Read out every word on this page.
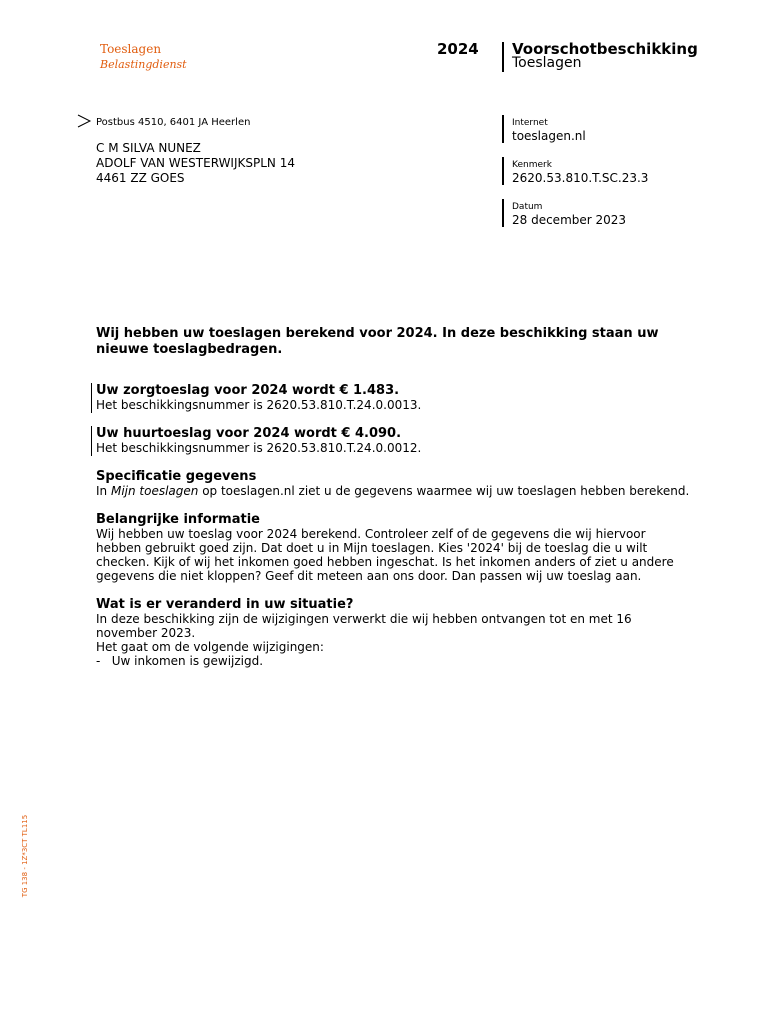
Toeslagen
Belastingdienst
2024 Voorschotbeschikking
Toeslagen
Postbus 4510, 6401 JA Heerlen
C M SILVA NUNEZ
ADOLF VAN WESTERWIJKSPLN 14
4461 ZZ GOES
Internet
toeslagen.nl
Kenmerk
2620.53.810.T.SC.23.3
Datum
28 december 2023
Wij hebben uw toeslagen berekend voor 2024. In deze beschikking staan uw
nieuwe toeslagbedragen.
Uw zorgtoeslag voor 2024 wordt € 1.483.
Het beschikkingsnummer is 2620.53.810.T.24.0.0013.
Uw huurtoeslag voor 2024 wordt € 4.090.
Het beschikkingsnummer is 2620.53.810.T.24.0.0012.
Specificatie gegevens
In Mijn toeslagen op toeslagen.nl ziet u de gegevens waarmee wij uw toeslagen hebben berekend.
Belangrijke informatie
Wij hebben uw toeslag voor 2024 berekend. Controleer zelf of de gegevens die wij hiervoor
hebben gebruikt goed zijn. Dat doet u in Mijn toeslagen. Kies '2024' bij de toeslag die u wilt
checken. Kijk of wij het inkomen goed hebben ingeschat. Is het inkomen anders of ziet u andere
gegevens die niet kloppen? Geef dit meteen aan ons door. Dan passen wij uw toeslag aan.
Wat is er veranderd in uw situatie?
In deze beschikking zijn de wijzigingen verwerkt die wij hebben ontvangen tot en met 16
november 2023.
Het gaat om de volgende wijzigingen:
-   Uw inkomen is gewijzigd.
TG 138 - 1Z*3CT TL115
